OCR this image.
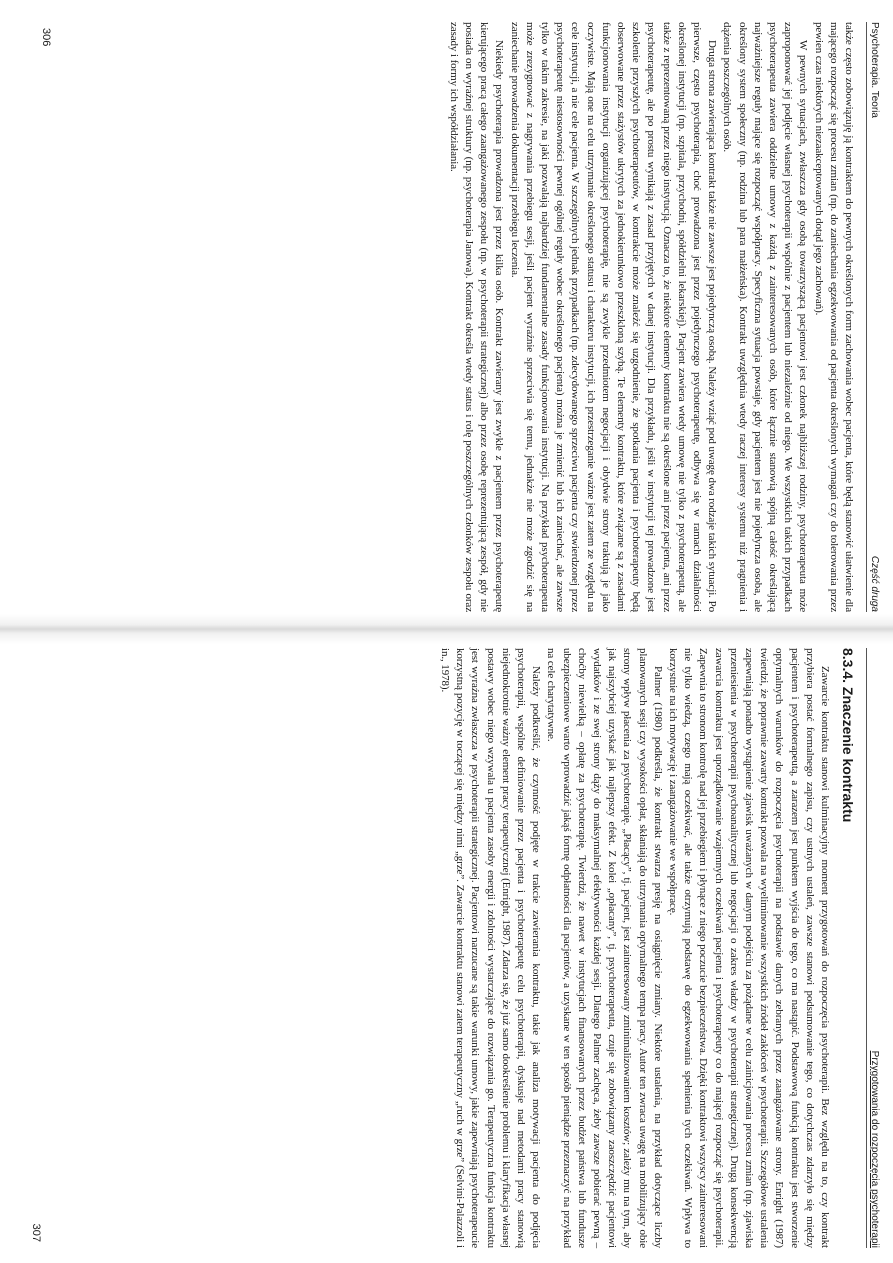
Psychoterapia. Teoria
Część druga

także często zobowiązuję ją kontraktem do pewnych określonych form zachowania wobec pacjenta, które będą stanowić ułatwienie dla mającego rozpocząć się procesu zmian (np. do zaniechania egzekwowania od pacjenta określonych wymagań czy do tolerowania przez pewien czas niektórych niezaakceptowanych dotąd jego zachowań).

W pewnych sytuacjach, zwłaszcza gdy osobą towarzyszącą pacjentowi jest członek najbliższej rodziny, psychoterapeuta może zaproponować jej podjęcie własnej psychoterapii wspólnie z pacjentem lub niezależnie od niego. We wszystkich takich przypadkach psychoterapeuta zawiera oddzielne umowy z każdą z zainteresowanych osób, które łącznie stanowią spójną całość określającą najważniejsze reguły mające się rozpocząć współpracy. Specyficzna sytuacja powstaje, gdy pacjentem jest nie pojedyncza osoba, ale określony system społeczny (np. rodzina lub para małżeńska). Kontrakt uwzględnia wtedy raczej interesy systemu niż pragnienia i dążenia poszczególnych osób.

Druga strona zawierająca kontrakt także nie zawsze jest pojedynczą osobą. Należy wziąć pod uwagę dwa rodzaje takich sytuacji. Po pierwsze, często psychoterapia, choć prowadzona jest przez pojedynczego psychoterapeutę, odbywa się w ramach działalności określonej instytucji (np. szpitala, przychodni, spółdzielni lekarskiej). Pacjent zawiera wtedy umowę nie tylko z psychoterapeutą, ale także z reprezentowaną przez niego instytucją. Oznacza to, że niektóre elementy kontraktu nie są określone ani przez pacjenta, ani przez psychoterapeutę, ale po prostu wynikają z zasad przyjętych w danej instytucji. Dla przykładu, jeśli w instytucji tej prowadzone jest szkolenie przyszłych psychoterapeutów, w kontrakcie może znaleźć się uzgodnienie, że spotkania pacjenta i psychoterapeuty będą obserwowane przez stażystów ukrytych za jednokierunkowo przeszkloną szybą. Te elementy kontraktu, które związane są z zasadami funkcjonowania instytucji organizującej psychoterapię, nie są zwykle przedmiotem negocjacji i obydwie strony traktują je jako oczywiste. Mają one na celu utrzymanie określonego statusu i charakteru instytucji, ich przestrzeganie ważne jest zatem ze względu na cele instytucji, a nie cele pacjenta. W szczególnych jednak przypadkach (np. zdecydowanego sprzeciwu pacjenta czy stwierdzonej przez psychoterapeutę niestosowności pewnej ogólnej reguły wobec określonego pacjenta) można je zmienić lub ich zaniechać, ale zawsze tylko w takim zakresie, na jaki pozwalają najbardziej fundamentalne zasady funkcjonowania instytucji. Na przykład psychoterapeuta może zrezygnować z nagrywania przebiegu sesji, jeśli pacjent wyraźnie sprzeciwia się temu, jednakże nie może zgodzić się na zaniechanie prowadzenia dokumentacji przebiegu leczenia.

Niekiedy psychoterapia prowadzona jest przez kilka osób. Kontrakt zawierany jest zwykle z pacjentem przez psychoterapeutę kierującego pracą całego zaangażowanego zespołu (np. w psychoterapii strategicznej) albo przez osobę reprezentującą zespół, gdy nie posiada on wyraźnej struktury (np. psychoterapia Janowa). Kontrakt określa wtedy status i rolę poszczególnych członków zespołu oraz zasady i formy ich współdziałania.

306
Przygotowania do rozpoczęcia psychoterapii
8.3.4. Znaczenie kontraktu

Zawarcie kontraktu stanowi kulminacyjny moment przygotowań do rozpoczęcia psychoterapii. Bez względu na to, czy kontrakt przybiera postać formalnego zapisu, czy ustnych ustaleń, zawsze stanowi podsumowanie tego, co dotychczas zdarzyło się między pacjentem i psychoterapeutą, a zarazem jest punktem wyjścia do tego, co ma nastąpić. Podstawową funkcją kontraktu jest stworzenie optymalnych warunków do rozpoczęcia psychoterapii na podstawie danych zebranych przez zaangażowane strony. Enright (1987) twierdzi, że poprawnie zawarty kontrakt pozwala na wyeliminowanie wszystkich źródeł zakłóceń w psychoterapii. Szczegółowe ustalenia zapewniają ponadto wystąpienie zjawisk uważanych w danym podejściu za pożądane w celu zainicjowania procesu zmian (np. zjawiska przeniesienia w psychoterapii psychoanalitycznej lub negocjacji o zakres władzy w psychoterapii strategicznej). Drugą konsekwencją zawarcia kontraktu jest uporządkowanie wzajemnych oczekiwań pacjenta i psychoterapeuty co do mającej rozpocząć się psychoterapii. Zapewnia to stronom kontrolę nad jej przebiegiem i płynące z niego poczucie bezpieczeństwa. Dzięki kontraktowi wszyscy zainteresowani nie tylko wiedzą, czego mają oczekiwać, ale także otrzymują podstawę do egzekwowania spełnienia tych oczekiwań. Wpływa to korzystnie na ich motywację i zaangażowanie we współpracę.

Palmer (1980) podkreśla, że kontrakt stwarza presję na osiągnięcie zmiany. Niektóre ustalenia, na przykład dotyczące liczby planowanych sesji czy wysokości opłat, skłaniają do utrzymania optymalnego tempa pracy. Autor ten zwraca uwagę na mobilizujący obie strony wpływ płacenia za psychoterapię. „Płacący”, tj. pacjent, jest zainteresowany zminimalizowaniem kosztów; zależy mu na tym, aby jak najszybciej uzyskać jak najlepszy efekt. Z kolei „opłacany”, tj. psychoterapeuta, czuje się zobowiązany zaoszczędzić pacjentowi wydatków i ze swej strony dąży do maksymalnej efektywności każdej sesji. Dlatego Palmer zachęca, żeby zawsze pobierać pewną – choćby niewielką – opłatę za psychoterapię. Twierdzi, że nawet w instytucjach finansowanych przez budżet państwa lub fundusze ubezpieczeniowe warto wprowadzić jakąś formę odpłatności dla pacjentów, a uzyskane w ten sposób pieniądze przeznaczyć na przykład na cele charytatywne.

Należy podkreślić, że czynność podjęte w trakcie zawierania kontraktu, takie jak analiza motywacji pacjenta do podjęcia psychoterapii, wspólne definiowanie przez pacjenta i psychoterapeutę celu psychoterapii, dyskusje nad metodami pracy stanowią niejednokrotnie ważny element pracy terapeutycznej (Enright, 1987). Zdarza się, że już samo dookreślenie problemu i klaryfikacja własnej postawy wobec niego wzywala u pacjenta zasoby energii i zdolności wystarczające do rozwiązania go. Terapeutyczna funkcja kontraktu jest wyraźna zwłaszcza w psychoterapii strategicznej. Pacjentowi narzucane są takie warunki umowy, jakie zapewniają psychoterapeucie korzystną pozycję w toczącej się między nimi „grze”. Zawarcie kontraktu stanowi zatem terapeutyczny „ruch w grze” (Selvini-Palazzoli i in., 1978).

307
